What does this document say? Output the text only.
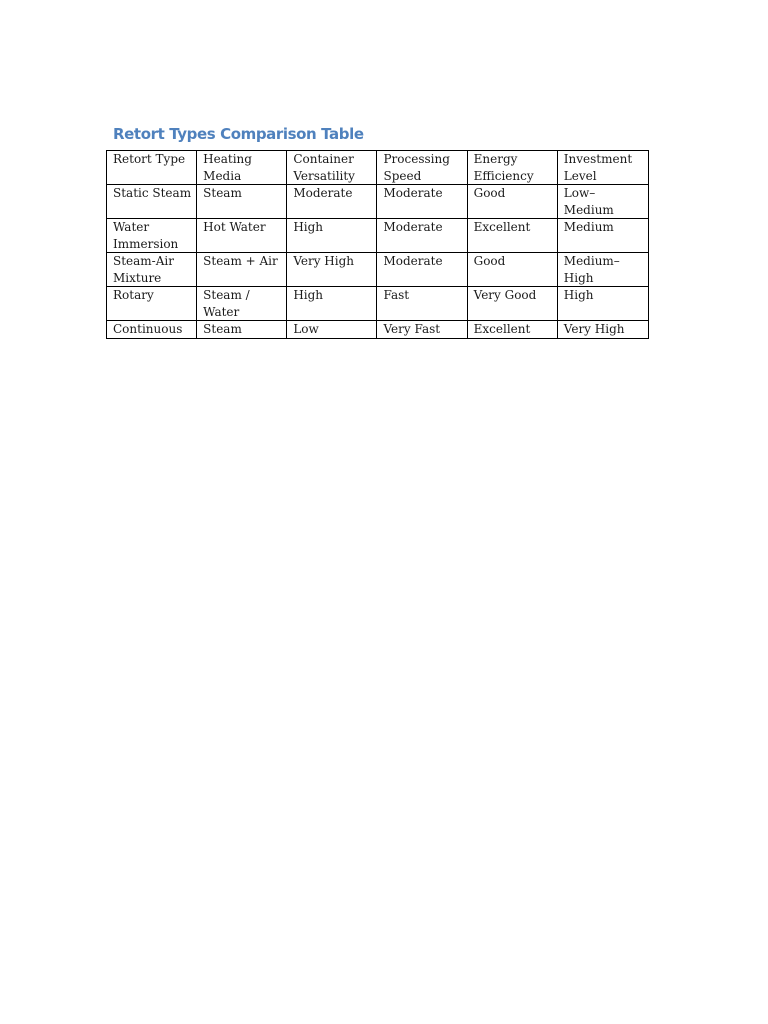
Retort Types Comparison Table
Retort Type	Heating Media	Container Versatility	Processing Speed	Energy Efficiency	Investment Level
Static Steam	Steam	Moderate	Moderate	Good	Low–Medium
Water Immersion	Hot Water	High	Moderate	Excellent	Medium
Steam-Air Mixture	Steam + Air	Very High	Moderate	Good	Medium–High
Rotary	Steam / Water	High	Fast	Very Good	High
Continuous	Steam	Low	Very Fast	Excellent	Very High
